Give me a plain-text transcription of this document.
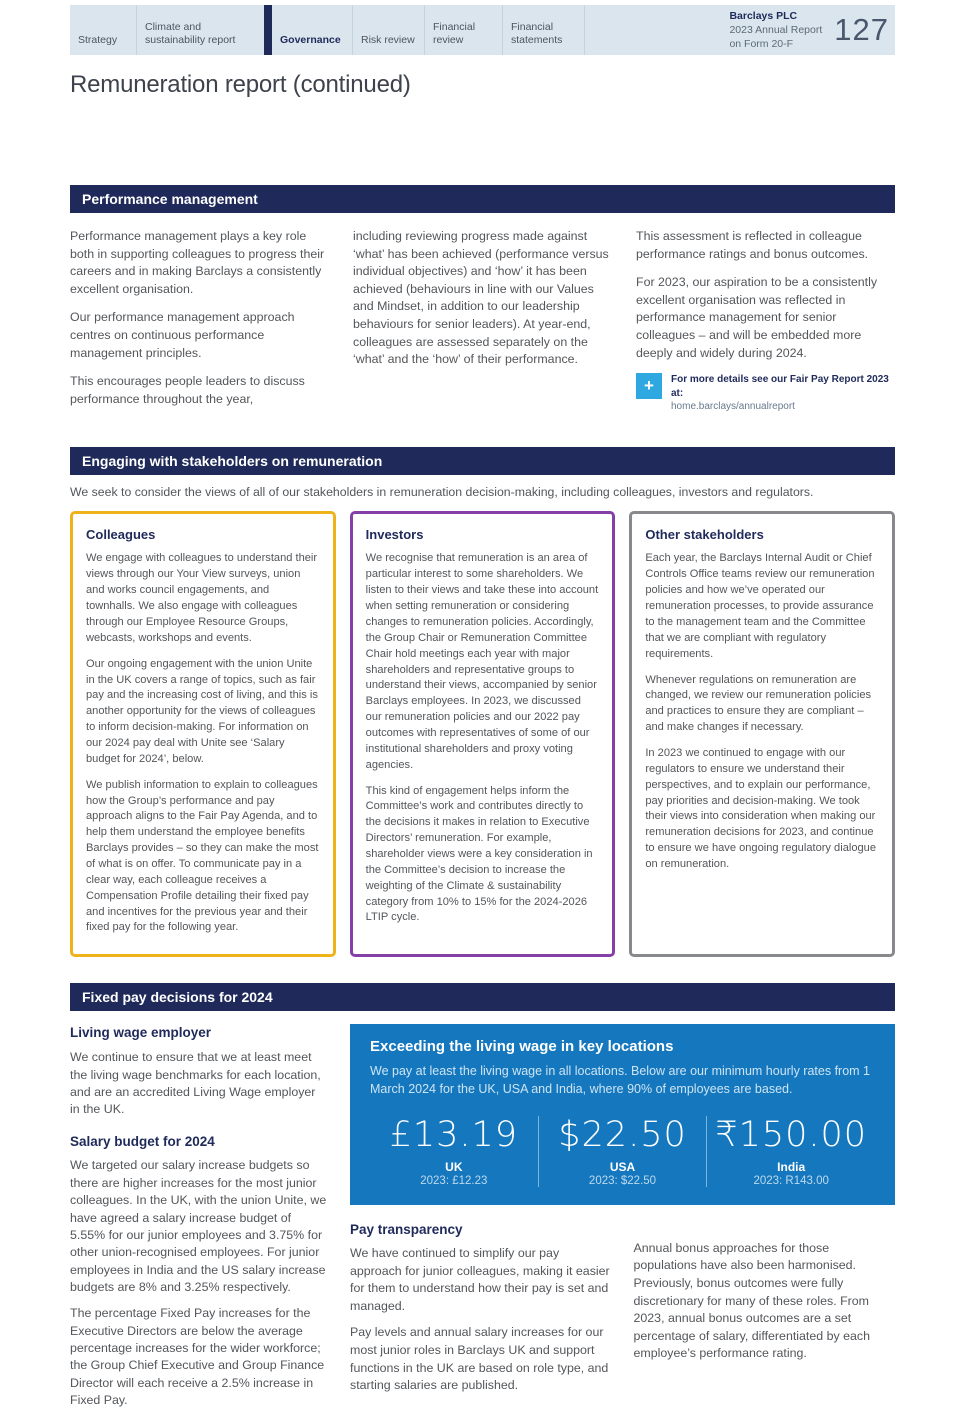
Strategy
Climate and sustainability report	Governance Risk review
Financial review
Financial statements
Barclays PLC
2023 Annual Report
on Form 20-F	127
Remuneration report (continued)
Performance management

Performance management plays a key role both in supporting colleagues to progress their careers and in making Barclays a consistently excellent organisation.

Our performance management approach centres on continuous performance management principles.

This encourages people leaders to discuss performance throughout the year,

including reviewing progress made against ‘what’ has been achieved (performance versus individual objectives) and ‘how’ it has been achieved (behaviours in line with our Values and Mindset, in addition to our leadership behaviours for senior leaders). At year-end, colleagues are assessed separately on the ‘what’ and the ‘how’ of their performance.

This assessment is reflected in colleague performance ratings and bonus outcomes.

For 2023, our aspiration to be a consistently excellent organisation was reflected in performance management for senior colleagues – and will be embedded more deeply and widely during 2024.

+	For more details see our Fair Pay Report 2023 at:
home.barclays/annualreport
Engaging with stakeholders on remuneration

We seek to consider the views of all of our stakeholders in remuneration decision-making, including colleagues, investors and regulators.

Colleagues

We engage with colleagues to understand their views through our Your View surveys, union and works council engagements, and townhalls. We also engage with colleagues through our Employee Resource Groups, webcasts, workshops and events.

Our ongoing engagement with the union Unite in the UK covers a range of topics, such as fair pay and the increasing cost of living, and this is another opportunity for the views of colleagues to inform decision-making. For information on our 2024 pay deal with Unite see ‘Salary budget for 2024’, below.

We publish information to explain to colleagues how the Group’s performance and pay approach aligns to the Fair Pay Agenda, and to help them understand the employee benefits Barclays provides – so they can make the most of what is on offer. To communicate pay in a clear way, each colleague receives a Compensation Profile detailing their fixed pay and incentives for the previous year and their fixed pay for the following year.

Investors

We recognise that remuneration is an area of particular interest to some shareholders. We listen to their views and take these into account when setting remuneration or considering changes to remuneration policies. Accordingly, the Group Chair or Remuneration Committee Chair hold meetings each year with major shareholders and representative groups to understand their views, accompanied by senior Barclays employees. In 2023, we discussed our remuneration policies and our 2022 pay outcomes with representatives of some of our institutional shareholders and proxy voting agencies.

This kind of engagement helps inform the Committee’s work and contributes directly to the decisions it makes in relation to Executive Directors’ remuneration. For example, shareholder views were a key consideration in the Committee’s decision to increase the weighting of the Climate & sustainability category from 10% to 15% for the 2024-2026 LTIP cycle.

Other stakeholders

Each year, the Barclays Internal Audit or Chief Controls Office teams review our remuneration policies and how we’ve operated our remuneration processes, to provide assurance to the management team and the Committee that we are compliant with regulatory requirements.

Whenever regulations on remuneration are changed, we review our remuneration policies and practices to ensure they are compliant – and make changes if necessary.

In 2023 we continued to engage with our regulators to ensure we understand their perspectives, and to explain our performance, pay priorities and decision-making. We took their views into consideration when making our remuneration decisions for 2023, and continue to ensure we have ongoing regulatory dialogue on remuneration.

Fixed pay decisions for 2024
Living wage employer

We continue to ensure that we at least meet the living wage benchmarks for each location, and are an accredited Living Wage employer in the UK.

Salary budget for 2024

We targeted our salary increase budgets so there are higher increases for the most junior colleagues. In the UK, with the union Unite, we have agreed a salary increase budget of 5.55% for our junior employees and 3.75% for other union-recognised employees. For junior employees in India and the US salary increase budgets are 8% and 3.25% respectively.

The percentage Fixed Pay increases for the Executive Directors are below the average percentage increases for the wider workforce; the Group Chief Executive and Group Finance Director will each receive a 2.5% increase in Fixed Pay.

Exceeding the living wage in key locations

We pay at least the living wage in all locations. Below are our minimum hourly rates from 1 March 2024 for the UK, USA and India, where 90% of employees are based.

£13.19
UK
2023: £12.23
$22.50
USA
2023: $22.50
₹150.00
India
2023: R143.00
Pay transparency

We have continued to simplify our pay approach for junior colleagues, making it easier for them to understand how their pay is set and managed.

Pay levels and annual salary increases for our most junior roles in Barclays UK and support functions in the UK are based on role type, and starting salaries are published.

Annual bonus approaches for those populations have also been harmonised. Previously, bonus outcomes were fully discretionary for many of these roles. From 2023, annual bonus outcomes are a set percentage of salary, differentiated by each employee’s performance rating.
